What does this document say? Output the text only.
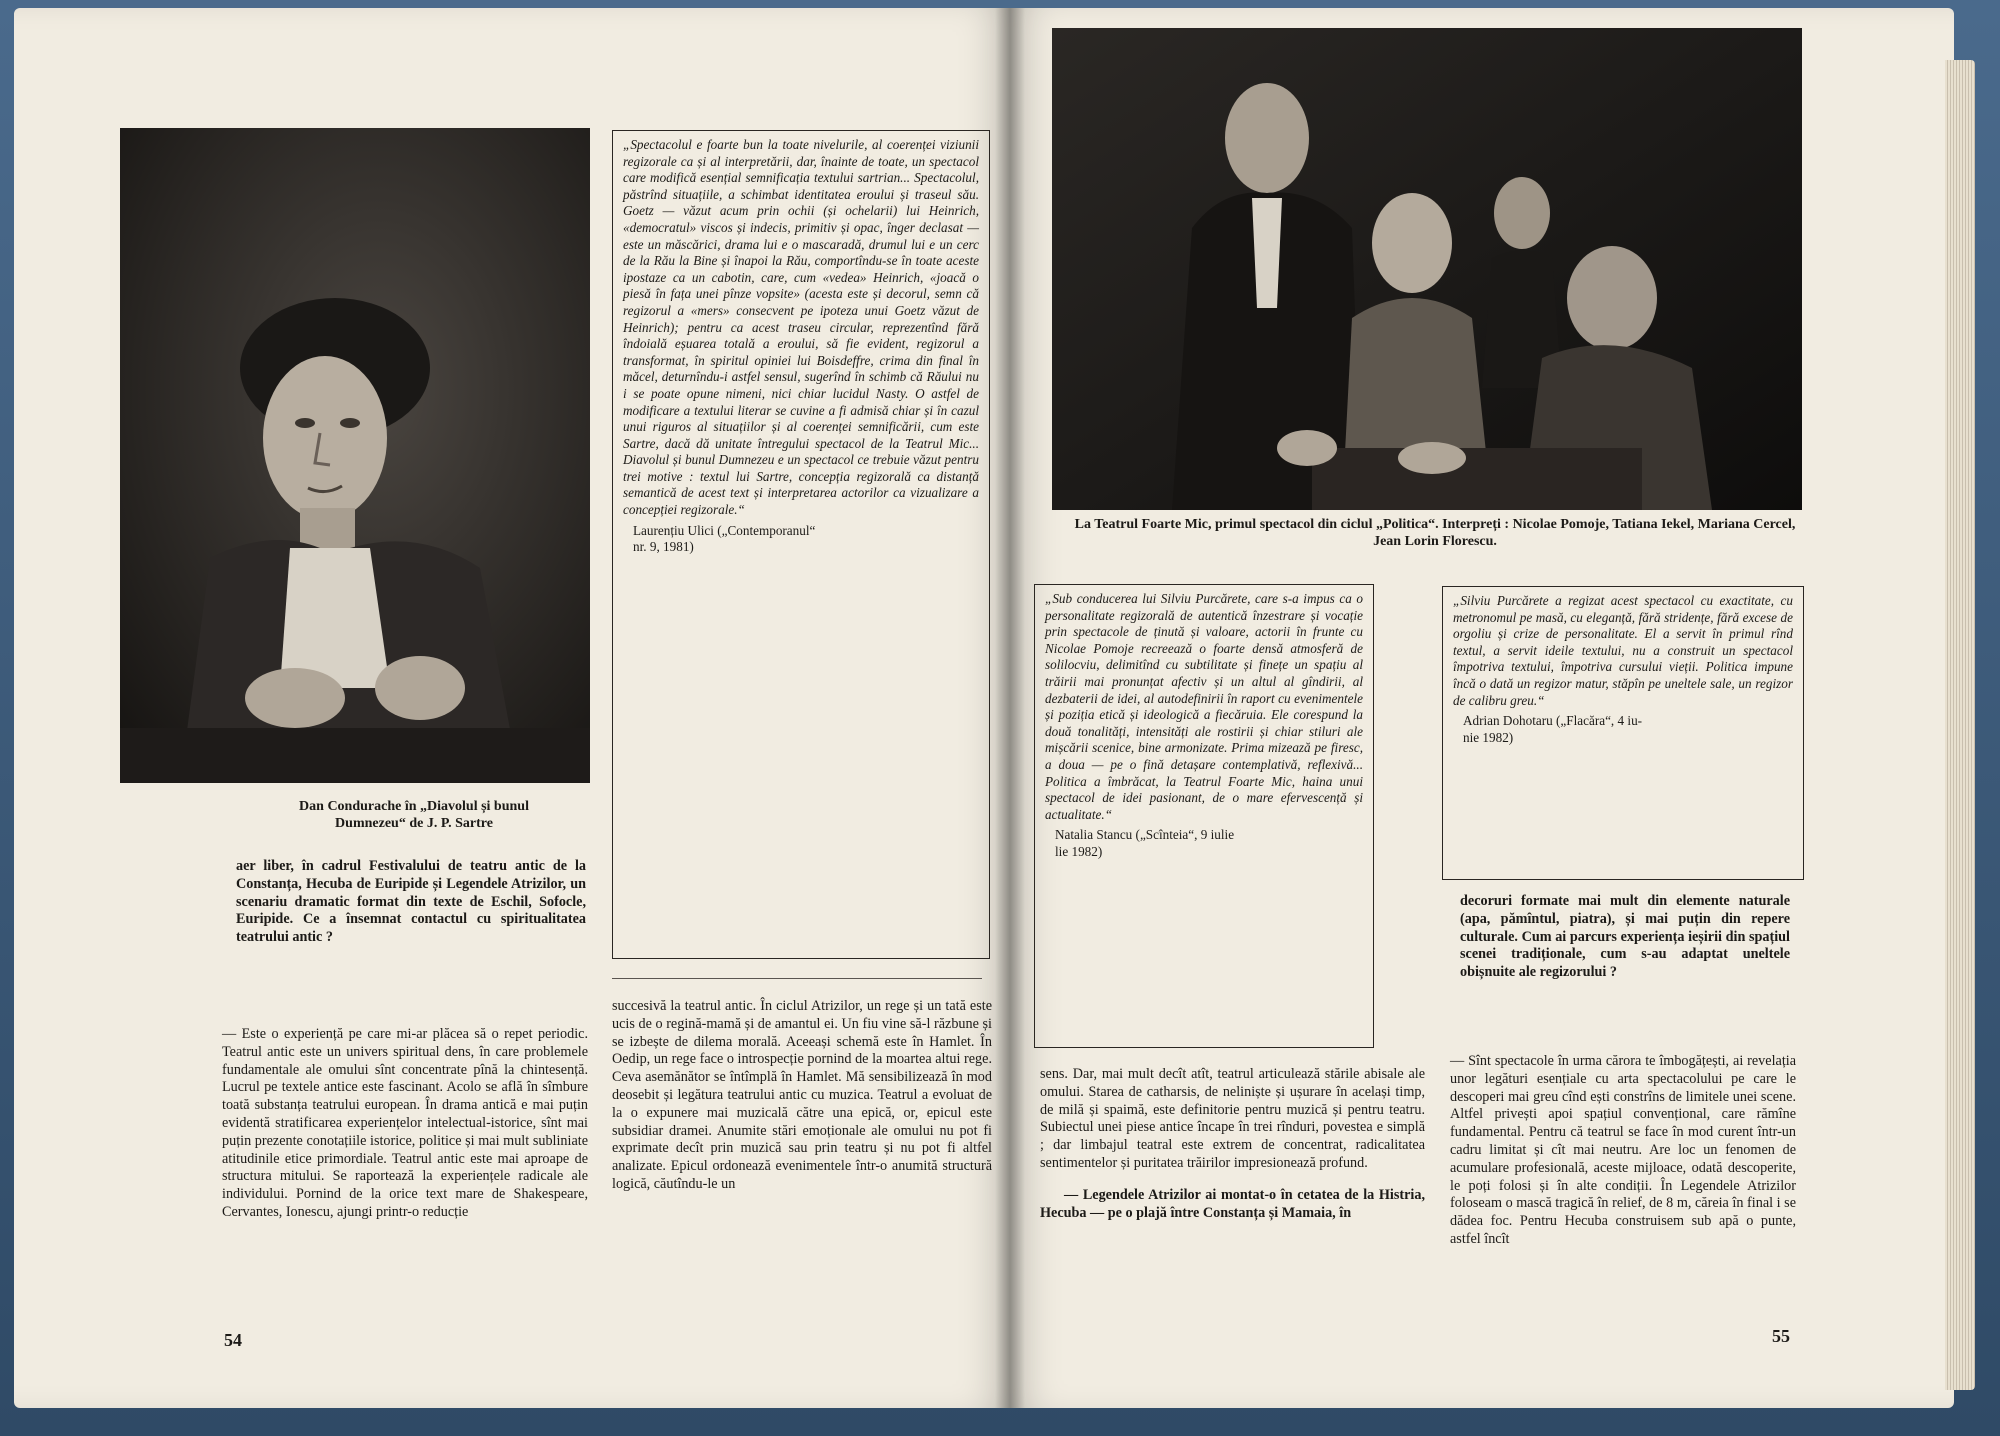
Dan Condurache în „Diavolul și bunul Dumnezeu“ de J. P. Sartre
„Spectacolul e foarte bun la toate nivelurile, al coerenței viziunii regizorale ca și al interpretării, dar, înainte de toate, un spectacol care modifică esențial semnificația textului sartrian... Spectacolul, păstrînd situațiile, a schimbat identitatea eroului și traseul său. Goetz — văzut acum prin ochii (și ochelarii) lui Heinrich, «democratul» viscos și indecis, primitiv și opac, înger declasat — este un măscărici, drama lui e o mascaradă, drumul lui e un cerc de la Rău la Bine și înapoi la Rău, comportîndu-se în toate aceste ipostaze ca un cabotin, care, cum «vedea» Heinrich, «joacă o piesă în fața unei pînze vopsite» (acesta este și decorul, semn că regizorul a «mers» consecvent pe ipoteza unui Goetz văzut de Heinrich); pentru ca acest traseu circular, reprezentînd fără îndoială eșuarea totală a eroului, să fie evident, regizorul a transformat, în spiritul opiniei lui Boisdeffre, crima din final în măcel, deturnîndu-i astfel sensul, sugerînd în schimb că Răului nu i se poate opune nimeni, nici chiar lucidul Nasty. O astfel de modificare a textului literar se cuvine a fi admisă chiar și în cazul unui riguros al situațiilor și al coerenței semnificării, cum este Sartre, dacă dă unitate întregului spectacol de la Teatrul Mic... Diavolul și bunul Dumnezeu e un spectacol ce trebuie văzut pentru trei motive : textul lui Sartre, concepția regizorală ca distanță semantică de acest text și interpretarea actorilor ca vizualizare a concepției regizorale.“
Laurențiu Ulici („Contemporanul“
nr. 9, 1981)

aer liber, în cadrul Festivalului de teatru antic de la Constanța, Hecuba de Euripide și Legendele Atrizilor, un scenariu dramatic format din texte de Eschil, Sofocle, Euripide. Ce a însemnat contactul cu spiritualitatea teatrului antic ?

— Este o experiență pe care mi-ar plăcea să o repet periodic. Teatrul antic este un univers spiritual dens, în care problemele fundamentale ale omului sînt concentrate pînă la chintesență. Lucrul pe textele antice este fascinant. Acolo se află în sîmbure toată substanța teatrului european. În drama antică e mai puțin evidentă stratificarea experiențelor intelectual-istorice, sînt mai puțin prezente conotațiile istorice, politice și mai mult subliniate atitudinile etice primordiale. Teatrul antic este mai aproape de structura mitului. Se raportează la experiențele radicale ale individului. Pornind de la orice text mare de Shakespeare, Cervantes, Ionescu, ajungi printr-o reducție

succesivă la teatrul antic. În ciclul Atrizilor, un rege și un tată este ucis de o regină-mamă și de amantul ei. Un fiu vine să-l răzbune și se izbește de dilema morală. Aceeași schemă este în Hamlet. În Oedip, un rege face o introspecție pornind de la moartea altui rege. Ceva asemănător se întîmplă în Hamlet. Mă sensibilizează în mod deosebit și legătura teatrului antic cu muzica. Teatrul a evoluat de la o expunere mai muzicală către una epică, or, epicul este subsidiar dramei. Anumite stări emoționale ale omului nu pot fi exprimate decît prin muzică sau prin teatru și nu pot fi altfel analizate. Epicul ordonează evenimentele într-o anumită structură logică, căutîndu-le un

54
La Teatrul Foarte Mic, primul spectacol din ciclul „Politica“. Interpreți : Nicolae Pomoje, Tatiana Iekel, Mariana Cercel, Jean Lorin Florescu.
„Sub conducerea lui Silviu Purcărete, care s-a impus ca o personalitate regizorală de autentică înzestrare și vocație prin spectacole de ținută și valoare, actorii în frunte cu Nicolae Pomoje recreează o foarte densă atmosferă de solilocviu, delimitînd cu subtilitate și finețe un spațiu al trăirii mai pronunțat afectiv și un altul al gîndirii, al dezbaterii de idei, al autodefinirii în raport cu evenimentele și poziția etică și ideologică a fiecăruia. Ele corespund la două tonalități, intensități ale rostirii și chiar stiluri ale mișcării scenice, bine armonizate. Prima mizează pe firesc, a doua — pe o fină detașare contemplativă, reflexivă... Politica a îmbrăcat, la Teatrul Foarte Mic, haina unui spectacol de idei pasionant, de o mare efervescență și actualitate.“
Natalia Stancu („Scînteia“, 9 iulie
lie 1982)
„Silviu Purcărete a regizat acest spectacol cu exactitate, cu metronomul pe masă, cu eleganță, fără stridențe, fără excese de orgoliu și crize de personalitate. El a servit în primul rînd textul, a servit ideile textului, nu a construit un spectacol împotriva textului, împotriva cursului vieții. Politica impune încă o dată un regizor matur, stăpîn pe uneltele sale, un regizor de calibru greu.“
Adrian Dohotaru („Flacăra“, 4 iu-
nie 1982)

decoruri formate mai mult din elemente naturale (apa, pămîntul, piatra), și mai puțin din repere culturale. Cum ai parcurs experiența ieșirii din spațiul scenei tradiționale, cum s-au adaptat uneltele obișnuite ale regizorului ?

sens. Dar, mai mult decît atît, teatrul articulează stările abisale ale omului. Starea de catharsis, de neliniște și ușurare în același timp, de milă și spaimă, este definitorie pentru muzică și pentru teatru. Subiectul unei piese antice încape în trei rînduri, povestea e simplă ; dar limbajul teatral este extrem de concentrat, radicalitatea sentimentelor și puritatea trăirilor impresionează profund.

— Legendele Atrizilor ai montat-o în cetatea de la Histria, Hecuba — pe o plajă între Constanța și Mamaia, în

— Sînt spectacole în urma cărora te îmbogățești, ai revelația unor legături esențiale cu arta spectacolului pe care le descoperi mai greu cînd ești constrîns de limitele unei scene. Altfel privești apoi spațiul convențional, care rămîne fundamental. Pentru că teatrul se face în mod curent într-un cadru limitat și cît mai neutru. Are loc un fenomen de acumulare profesională, aceste mijloace, odată descoperite, le poți folosi și în alte condiții. În Legendele Atrizilor foloseam o mască tragică în relief, de 8 m, căreia în final i se dădea foc. Pentru Hecuba construisem sub apă o punte, astfel încît

55
